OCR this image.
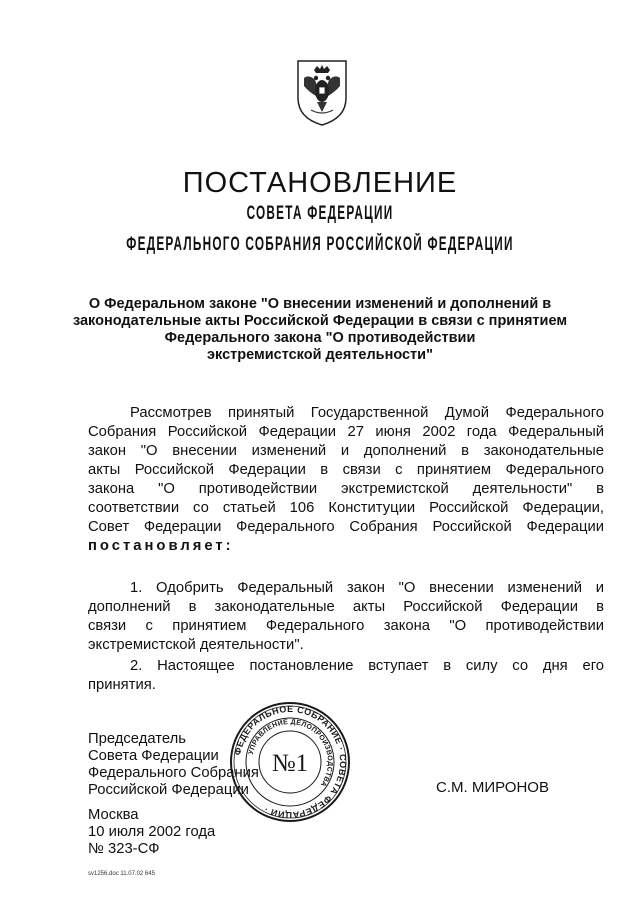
ПОСТАНОВЛЕНИЕ
СОВЕТА ФЕДЕРАЦИИ
ФЕДЕРАЛЬНОГО СОБРАНИЯ РОССИЙСКОЙ ФЕДЕРАЦИИ
О Федеральном законе "О внесении изменений и дополнений в
законодательные акты Российской Федерации в связи с принятием
Федерального закона "О противодействии
экстремистской деятельности"
Рассмотрев принятый Государственной Думой Федерального
Собрания Российской Федерации 27 июня 2002 года Федеральный
закон "О внесении изменений и дополнений в законодательные
акты Российской Федерации в связи с принятием Федерального
закона "О противодействии экстремистской деятельности" в
соответствии со статьей 106 Конституции Российской Федерации,
Совет Федерации Федерального Собрания Российской Федерации
постановляет:
1. Одобрить Федеральный закон "О внесении изменений и
дополнений в законодательные акты Российской Федерации в
связи с принятием Федерального закона "О противодействии
экстремистской деятельности".
2. Настоящее постановление вступает в силу со дня его
принятия.
Председатель
Совета Федерации
Федерального Собрания
Российской Федерации	С.М. МИРОНОВ
Москва
10 июля 2002 года
№ 323-СФ
sv1256.doc 11.07.02 645
ФЕДЕРАЛЬНОЕ СОБРАНИЕ · СОВЕТА ФЕДЕРАЦИИ ·
УПРАВЛЕНИЕ ДЕЛОПРОИЗВОДСТВА
№1
